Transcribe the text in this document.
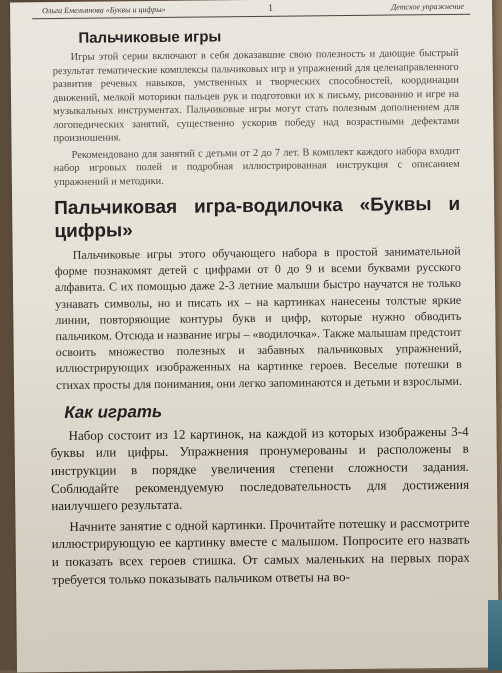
Ольга Емельянова «Буквы и цифры»	1	Детское упражнение
Пальчиковые игры

Игры этой серии включают в себя доказавшие свою полезность и дающие быстрый результат тематические комплексы пальчиковых игр и упражнений для целенаправленного развития речевых навыков, умственных и творческих способностей, координации движений, мелкой моторики пальцев рук и подготовки их к письму, рисованию и игре на музыкальных инструментах. Пальчиковые игры могут стать полезным дополнением для логопедических занятий, существенно ускорив победу над возрастными дефектами произношения.

Рекомендовано для занятий с детьми от 2 до 7 лет. В комплект каждого набора входит набор игровых полей и подробная иллюстрированная инструкция с описанием упражнений и методики.

Пальчиковая игра-водилочка «Буквы и цифры»

Пальчиковые игры этого обучающего набора в простой занимательной форме познакомят детей с цифрами от 0 до 9 и всеми буквами русского алфавита. С их помощью даже 2-3 летние малыши быстро научатся не только узнавать символы, но и писать их – на картинках нанесены толстые яркие линии, повторяющие контуры букв и цифр, которые нужно обводить пальчиком. Отсюда и название игры – «водилочка». Также малышам предстоит освоить множество полезных и забавных пальчиковых упражнений, иллюстрирующих изображенных на картинке героев. Веселые потешки в стихах просты для понимания, они легко запоминаются и детьми и взрослыми.

Как играть

Набор состоит из 12 картинок, на каждой из которых изображены 3-4 буквы или цифры. Упражнения пронумерованы и расположены в инструкции в порядке увеличения степени сложности задания. Соблюдайте рекомендуемую последовательность для достижения наилучшего результата.

Начните занятие с одной картинки. Прочитайте потешку и рассмотрите иллюстрирующую ее картинку вместе с малышом. Попросите его назвать и показать всех героев стишка. От самых маленьких на первых порах требуется только показывать пальчиком ответы на во-
